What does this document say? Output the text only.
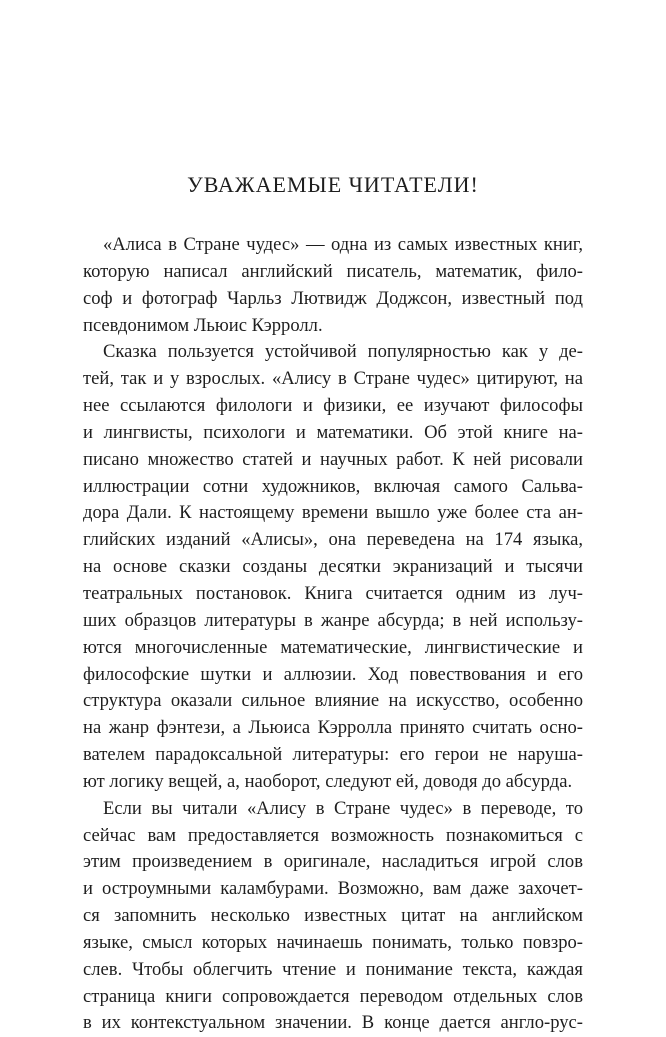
УВАЖАЕМЫЕ ЧИТАТЕЛИ!
«Алиса в Стране чудес» — одна из самых известных книг,
которую написал английский писатель, математик, фило-
соф и фотограф Чарльз Лютвидж Доджсон, известный под
псевдонимом Льюис Кэрролл.
Сказка пользуется устойчивой популярностью как у де-
тей, так и у взрослых. «Алису в Стране чудес» цитируют, на
нее ссылаются филологи и физики, ее изучают философы
и лингвисты, психологи и математики. Об этой книге на-
писано множество статей и научных работ. К ней рисовали
иллюстрации сотни художников, включая самого Сальва-
дора Дали. К настоящему времени вышло уже более ста ан-
глийских изданий «Алисы», она переведена на 174 языка,
на основе сказки созданы десятки экранизаций и тысячи
театральных постановок. Книга считается одним из луч-
ших образцов литературы в жанре абсурда; в ней использу-
ются многочисленные математические, лингвистические и
философские шутки и аллюзии. Ход повествования и его
структура оказали сильное влияние на искусство, особенно
на жанр фэнтези, а Льюиса Кэрролла принято считать осно-
вателем парадоксальной литературы: его герои не нарушa-
ют логику вещей, а, наоборот, следуют ей, доводя до абсурда.
Если вы читали «Алису в Стране чудес» в переводе, то
сейчас вам предоставляется возможность познакомиться с
этим произведением в оригинале, насладиться игрой слов
и остроумными каламбурами. Возможно, вам даже захочет-
ся запомнить несколько известных цитат на английском
языке, смысл которых начинаешь понимать, только повзро-
слев. Чтобы облегчить чтение и понимание текста, каждая
страница книги сопровождается переводом отдельных слов
в их контекстуальном значении. В конце дается англо-рус-
